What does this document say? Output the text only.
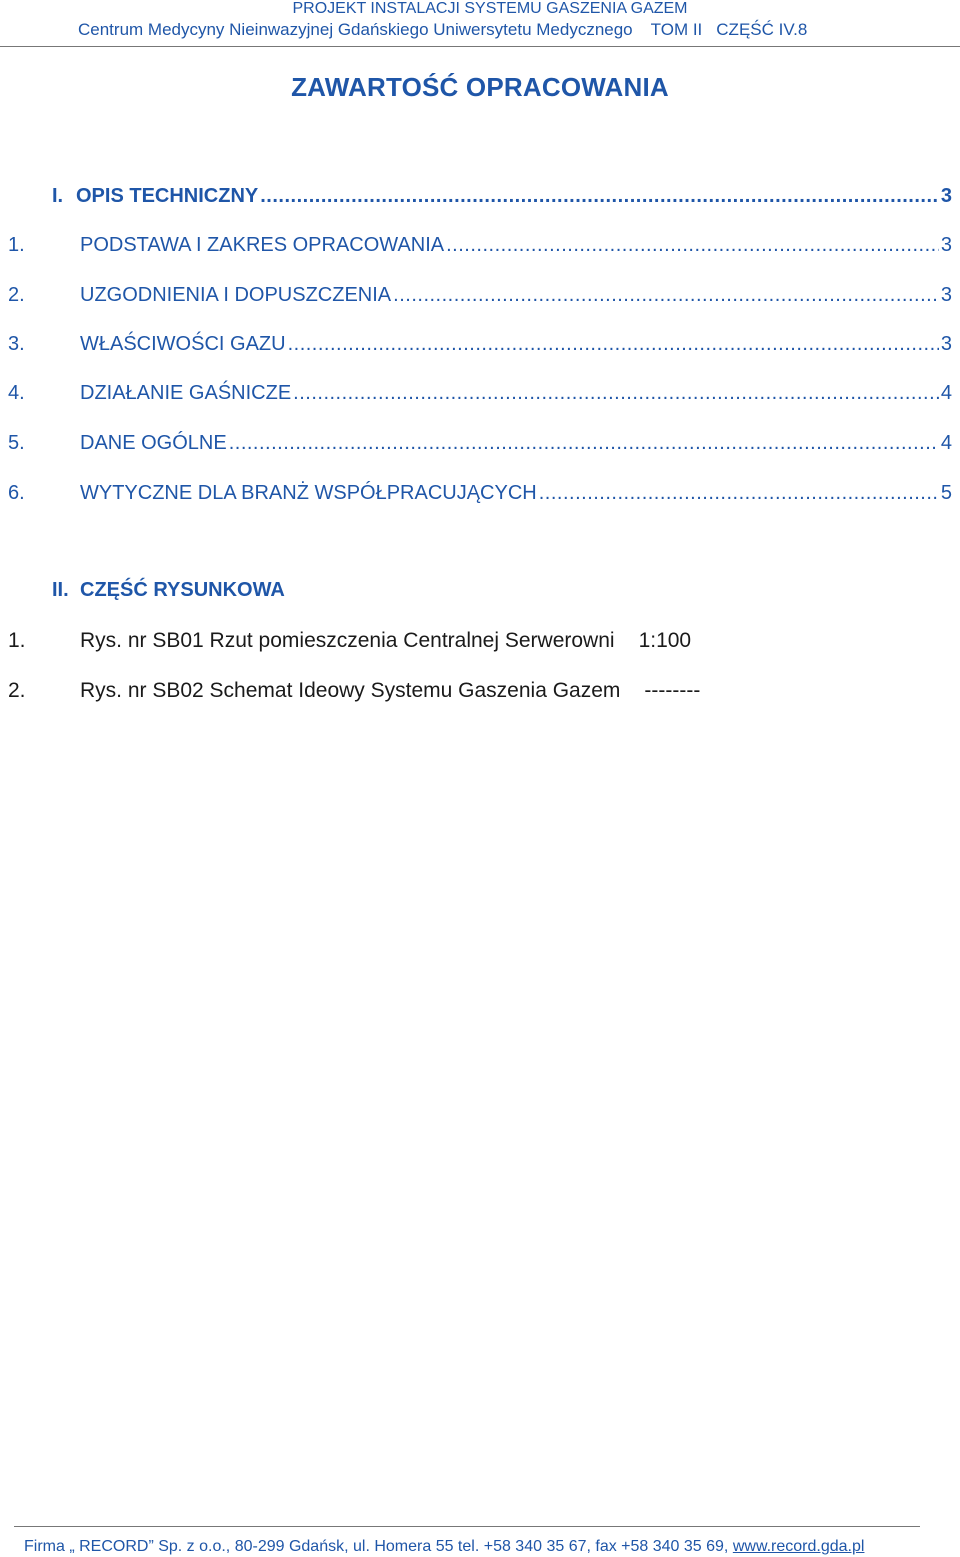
PROJEKT INSTALACJI SYSTEMU GASZENIA GAZEM
Centrum Medycyny Nieinwazyjnej Gdańskiego Uniwersytetu Medycznego TOM II CZĘŚĆ IV.8
ZAWARTOŚĆ OPRACOWANIA
I. OPIS TECHNICZNY .....	3
1.	PODSTAWA I ZAKRES OPRACOWANIA .....	3
2.	UZGODNIENIA I DOPUSZCZENIA .....	3
3.	WŁAŚCIWOŚCI GAZU .....	3
4.	DZIAŁANIE GAŚNICZE .....	4
5.	DANE OGÓLNE .....	4
6.	WYTYCZNE DLA BRANŻ WSPÓŁPRACUJĄCYCH .....	5
II. CZĘŚĆ RYSUNKOWA
1.	Rys. nr SB01 Rzut pomieszczenia Centralnej Serwerowni 1:100
2.	Rys. nr SB02 Schemat Ideowy Systemu Gaszenia Gazem --------
Firma „ RECORD” Sp. z o.o., 80-299 Gdańsk, ul. Homera 55 tel. +58 340 35 67, fax +58 340 35 69, www.record.gda.pl
